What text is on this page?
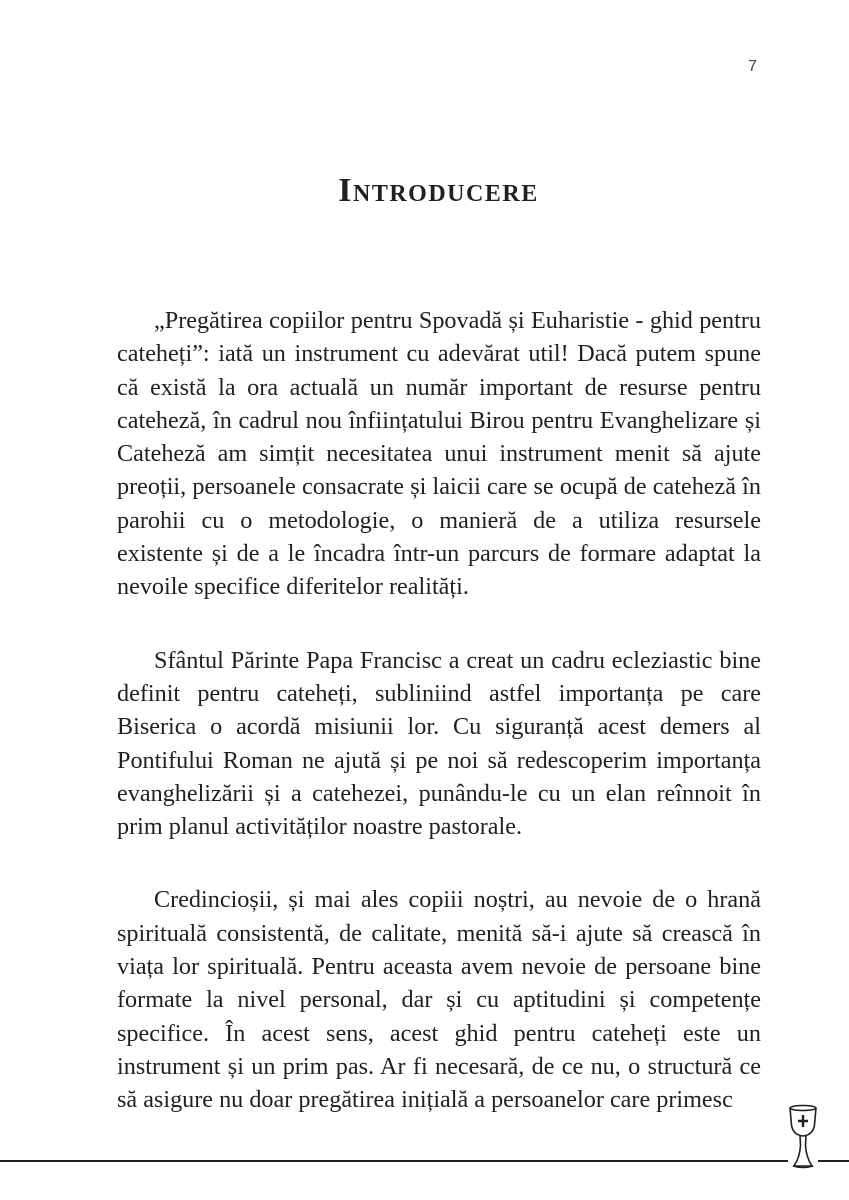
7
Introducere

„Pregătirea copiilor pentru Spovadă și Euharistie - ghid pentru cateheți”: iată un instrument cu adevărat util! Dacă putem spune că există la ora actuală un număr important de resurse pentru cateheză, în cadrul nou înființatului Birou pentru Evanghelizare și Cateheză am simțit necesitatea unui instrument menit să ajute preoții, persoanele consacrate și laicii care se ocupă de cateheză în parohii cu o metodologie, o manieră de a utiliza resursele existente și de a le încadra într-un parcurs de formare adaptat la nevoile specifice diferitelor realități.

Sfântul Părinte Papa Francisc a creat un cadru ecleziastic bine definit pentru cateheți, subliniind astfel importanța pe care Biserica o acordă misiunii lor. Cu siguranță acest demers al Pontifului Roman ne ajută și pe noi să redescoperim importanța evanghelizării și a catehezei, punându-le cu un elan reînnoit în prim planul activităților noastre pastorale.

Credincioșii, și mai ales copiii noștri, au nevoie de o hrană spirituală consistentă, de calitate, menită să-i ajute să crească în viața lor spirituală. Pentru aceasta avem nevoie de persoane bine formate la nivel personal, dar și cu aptitudini și competențe specifice. În acest sens, acest ghid pentru cateheți este un instrument și un prim pas. Ar fi necesară, de ce nu, o structură ce să asigure nu doar pregătirea inițială a persoanelor care primesc
